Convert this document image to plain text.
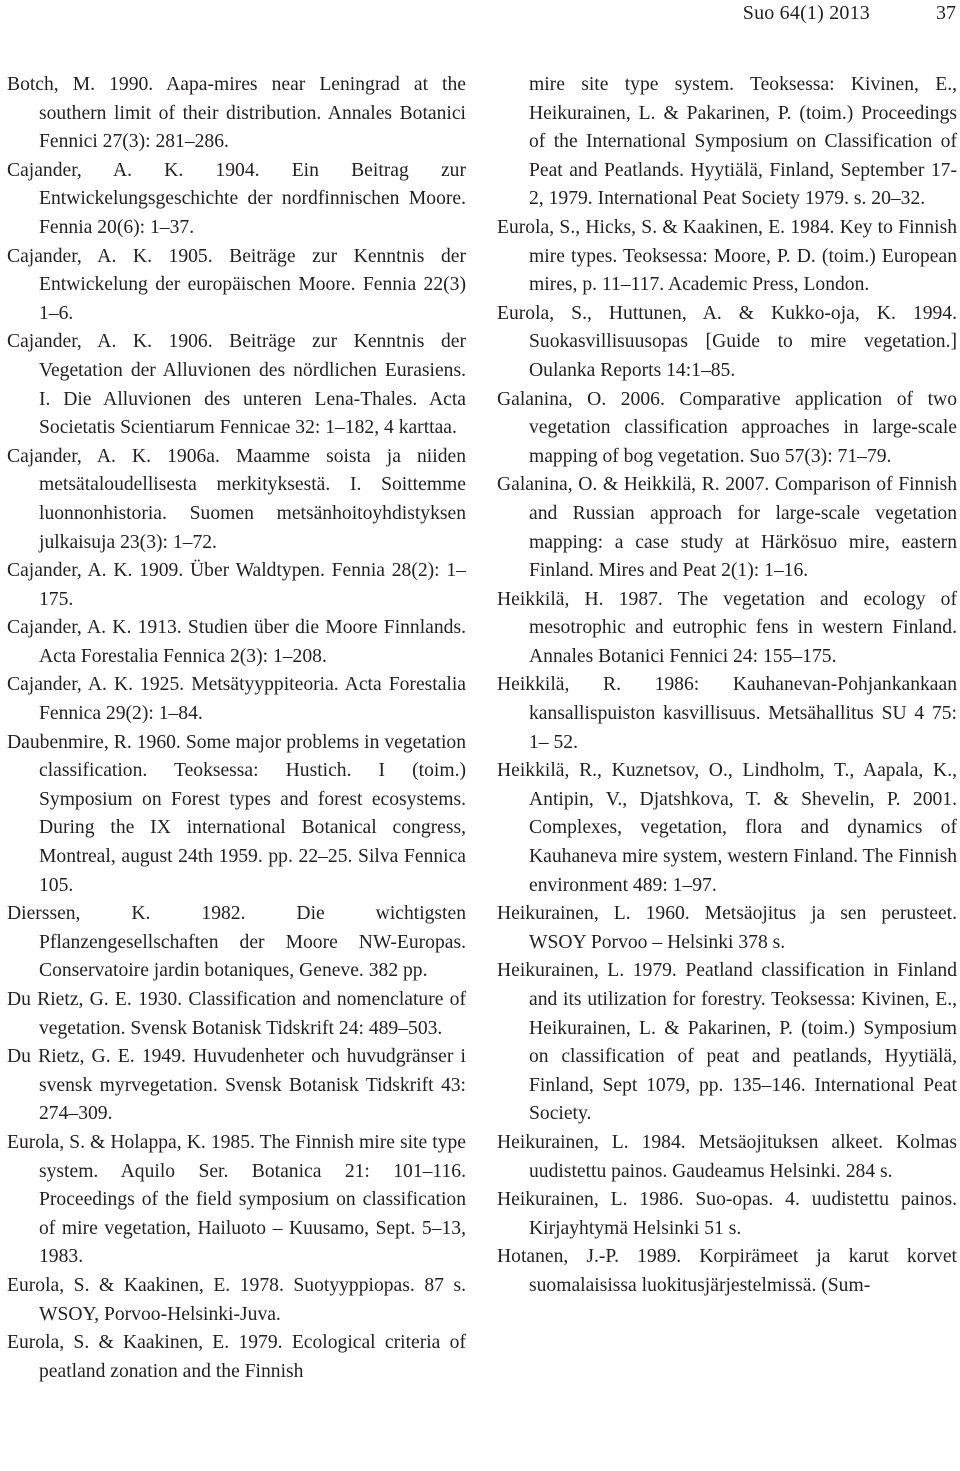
Suo 64(1) 2013	37

Botch, M. 1990. Aapa-mires near Leningrad at the southern limit of their distribution. Annales Botanici Fennici 27(3): 281–286.

Cajander, A. K. 1904. Ein Beitrag zur Entwickelungsgeschichte der nordfinnischen Moore. Fennia 20(6): 1–37.

Cajander, A. K. 1905. Beiträge zur Kenntnis der Entwickelung der europäischen Moore. Fennia 22(3) 1–6.

Cajander, A. K. 1906. Beiträge zur Kenntnis der Vegetation der Alluvionen des nördlichen Eurasiens. I. Die Alluvionen des unteren Lena-Thales. Acta Societatis Scientiarum Fennicae 32: 1–182, 4 karttaa.

Cajander, A. K. 1906a. Maamme soista ja niiden metsätaloudellisesta merkityksestä. I. Soittemme luonnonhistoria. Suomen metsänhoitoyhdistyksen julkaisuja 23(3): 1–72.

Cajander, A. K. 1909. Über Waldtypen. Fennia 28(2): 1–175.

Cajander, A. K. 1913. Studien über die Moore Finnlands. Acta Forestalia Fennica 2(3): 1–208.

Cajander, A. K. 1925. Metsätyyppiteoria. Acta Forestalia Fennica 29(2): 1–84.

Daubenmire, R. 1960. Some major problems in vegetation classification. Teoksessa: Hustich. I (toim.) Symposium on Forest types and forest ecosystems. During the IX international Botanical congress, Montreal, august 24th 1959. pp. 22–25. Silva Fennica 105.

Dierssen, K. 1982. Die wichtigsten Pflanzengesellschaften der Moore NW-Europas. Conservatoire jardin botaniques, Geneve. 382 pp.

Du Rietz, G. E. 1930. Classification and nomenclature of vegetation. Svensk Botanisk Tidskrift 24: 489–503.

Du Rietz, G. E. 1949. Huvudenheter och huvudgränser i svensk myrvegetation. Svensk Botanisk Tidskrift 43: 274–309.

Eurola, S. & Holappa, K. 1985. The Finnish mire site type system. Aquilo Ser. Botanica 21: 101–116. Proceedings of the field symposium on classification of mire vegetation, Hailuoto – Kuusamo, Sept. 5–13, 1983.

Eurola, S. & Kaakinen, E. 1978. Suotyyppiopas. 87 s. WSOY, Porvoo-Helsinki-Juva.

Eurola, S. & Kaakinen, E. 1979. Ecological criteria of peatland zonation and the Finnish

mire site type system. Teoksessa: Kivinen, E., Heikurainen, L. & Pakarinen, P. (toim.) Proceedings of the International Symposium on Classification of Peat and Peatlands. Hyytiälä, Finland, September 17-2, 1979. International Peat Society 1979. s. 20–32.

Eurola, S., Hicks, S. & Kaakinen, E. 1984. Key to Finnish mire types. Teoksessa: Moore, P. D. (toim.) European mires, p. 11–117. Academic Press, London.

Eurola, S., Huttunen, A. & Kukko-oja, K. 1994. Suokasvillisuusopas [Guide to mire vegetation.] Oulanka Reports 14:1–85.

Galanina, O. 2006. Comparative application of two vegetation classification approaches in large-scale mapping of bog vegetation. Suo 57(3): 71–79.

Galanina, O. & Heikkilä, R. 2007. Comparison of Finnish and Russian approach for large-scale vegetation mapping: a case study at Härkösuo mire, eastern Finland. Mires and Peat 2(1): 1–16.

Heikkilä, H. 1987. The vegetation and ecology of mesotrophic and eutrophic fens in western Finland. Annales Botanici Fennici 24: 155–175.

Heikkilä, R. 1986: Kauhanevan-Pohjankankaan kansallispuiston kasvillisuus. Metsähallitus SU 4 75: 1– 52.

Heikkilä, R., Kuznetsov, O., Lindholm, T., Aapala, K., Antipin, V., Djatshkova, T. & Shevelin, P. 2001. Complexes, vegetation, flora and dynamics of Kauhaneva mire system, western Finland. The Finnish environment 489: 1–97.

Heikurainen, L. 1960. Metsäojitus ja sen perusteet. WSOY Porvoo – Helsinki 378 s.

Heikurainen, L. 1979. Peatland classification in Finland and its utilization for forestry. Teoksessa: Kivinen, E., Heikurainen, L. & Pakarinen, P. (toim.) Symposium on classification of peat and peatlands, Hyytiälä, Finland, Sept 1079, pp. 135–146. International Peat Society.

Heikurainen, L. 1984. Metsäojituksen alkeet. Kolmas uudistettu painos. Gaudeamus Helsinki. 284 s.

Heikurainen, L. 1986. Suo-opas. 4. uudistettu painos. Kirjayhtymä Helsinki 51 s.

Hotanen, J.-P. 1989. Korpirämeet ja karut korvet suomalaisissa luokitusjärjestelmissä. (Sum-
